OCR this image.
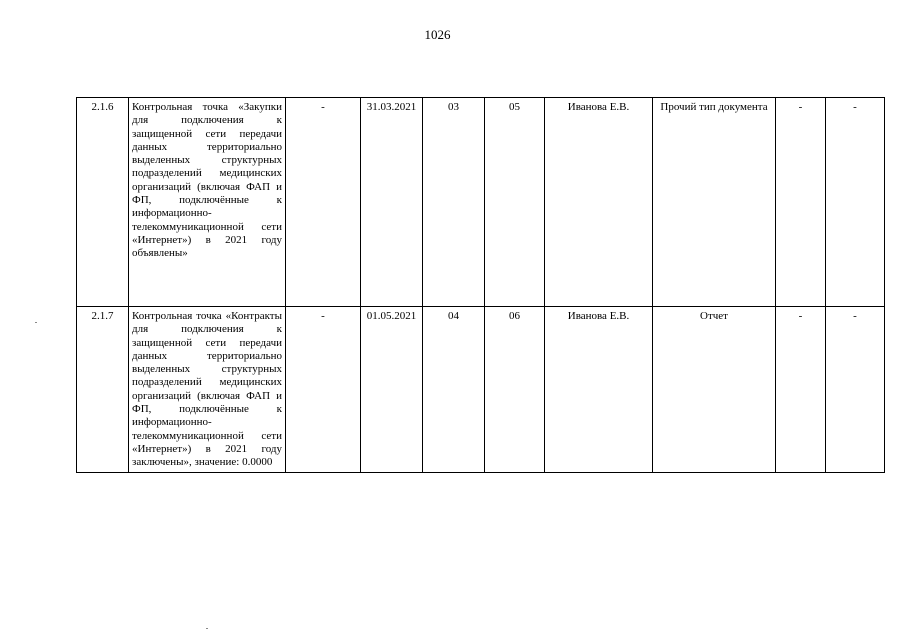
1026
2.1.6	Контрольная точка «Закупки для подключения к защищенной сети передачи данных территориально выделенных структурных подразделений медицинских организаций (включая ФАП и ФП, подключённые к информационно-телекоммуникационной сети «Интернет») в 2021 году объявлены»	-	31.03.2021	03	05	Иванова Е.В.	Прочий тип документа	-	-
2.1.7	Контрольная точка «Контракты для подключения к защищенной сети передачи данных территориально выделенных структурных подразделений медицинских организаций (включая ФАП и ФП, подключённые к информационно-телекоммуникационной сети «Интернет») в 2021 году заключены», значение: 0.0000	-	01.05.2021	04	06	Иванова Е.В.	Отчет	-	-
